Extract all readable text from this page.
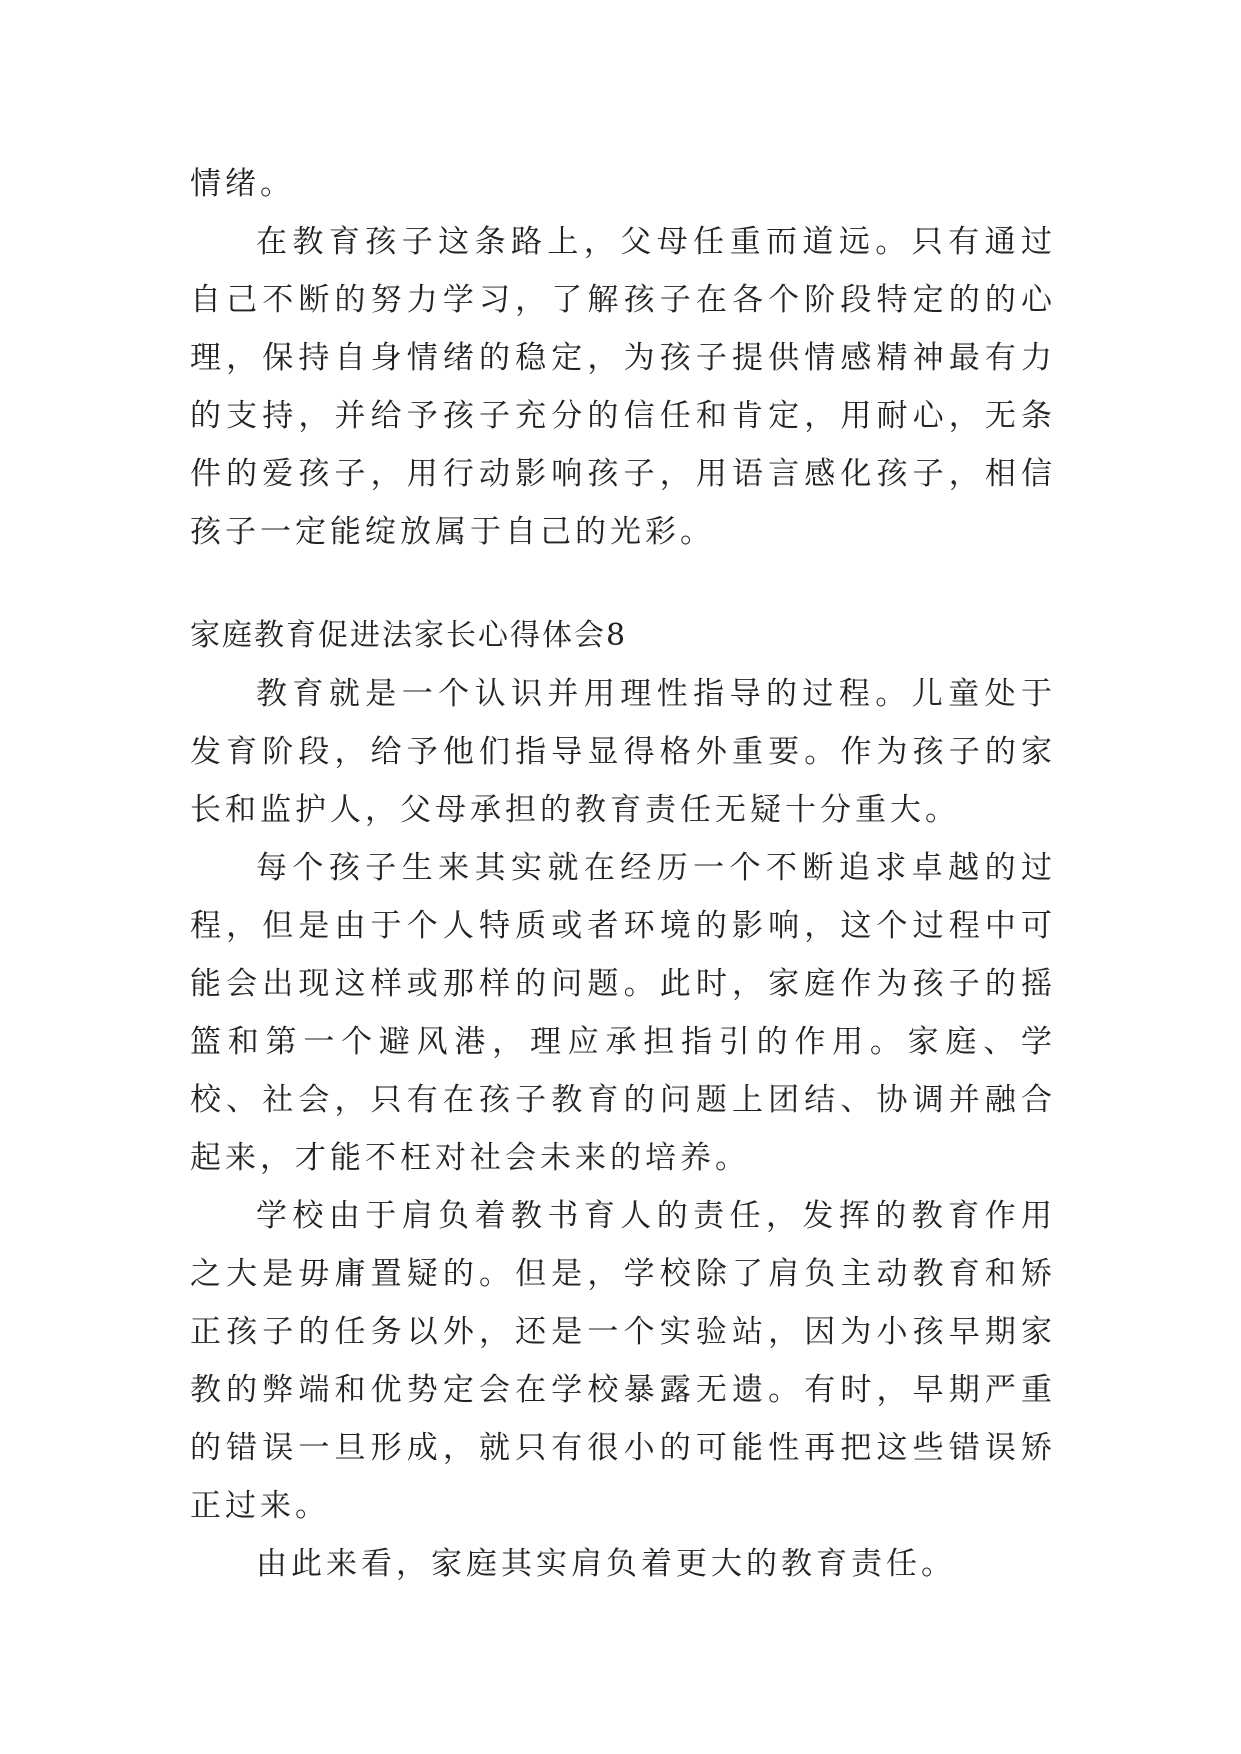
情绪。

在教育孩子这条路上，父母任重而道远。只有通过自己不断的努力学习，了解孩子在各个阶段特定的的心理，保持自身情绪的稳定，为孩子提供情感精神最有力的支持，并给予孩子充分的信任和肯定，用耐心，无条件的爱孩子，用行动影响孩子，用语言感化孩子，相信孩子一定能绽放属于自己的光彩。

家庭教育促进法家长心得体会8

教育就是一个认识并用理性指导的过程。儿童处于发育阶段，给予他们指导显得格外重要。作为孩子的家长和监护人，父母承担的教育责任无疑十分重大。

每个孩子生来其实就在经历一个不断追求卓越的过程，但是由于个人特质或者环境的影响，这个过程中可能会出现这样或那样的问题。此时，家庭作为孩子的摇篮和第一个避风港，理应承担指引的作用。家庭、学校、社会，只有在孩子教育的问题上团结、协调并融合起来，才能不枉对社会未来的培养。

学校由于肩负着教书育人的责任，发挥的教育作用之大是毋庸置疑的。但是，学校除了肩负主动教育和矫正孩子的任务以外，还是一个实验站，因为小孩早期家教的弊端和优势定会在学校暴露无遗。有时，早期严重的错误一旦形成，就只有很小的可能性再把这些错误矫正过来。

由此来看，家庭其实肩负着更大的教育责任。
